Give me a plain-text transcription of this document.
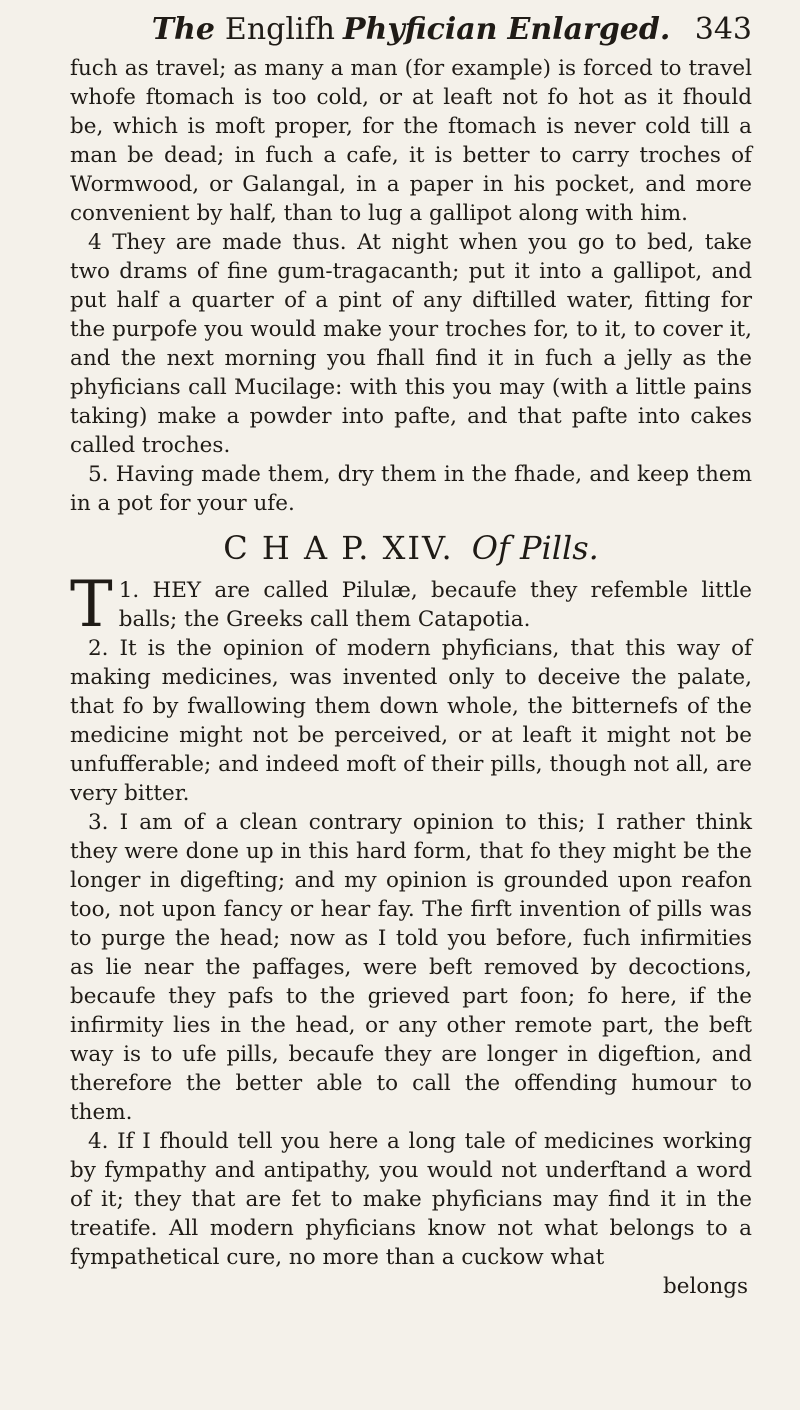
The Englifh Phyfician Enlarged. 343

fuch as travel; as many a man (for example) is forced to travel whofe ftomach is too cold, or at leaft not fo hot as it fhould be, which is moft proper, for the ftomach is never cold till a man be dead; in fuch a cafe, it is better to carry troches of Wormwood, or Galangal, in a paper in his pocket, and more convenient by half, than to lug a gallipot along with him.

4 They are made thus. At night when you go to bed, take two drams of fine gum-tragacanth; put it into a gallipot, and put half a quarter of a pint of any diftilled water, fitting for the purpofe you would make your troches for, to it, to cover it, and the next morning you fhall find it in fuch a jelly as the phyficians call Mucilage: with this you may (with a little pains taking) make a powder into pafte, and that pafte into cakes called troches.

5. Having made them, dry them in the fhade, and keep them in a pot for your ufe.

C H A P. XIV. Of Pills.

1.
T HEY are called Pilulæ, becaufe they refemble little balls; the Greeks call them Catapotia.

2. It is the opinion of modern phyficians, that this way of making medicines, was invented only to deceive the palate, that fo by fwallowing them down whole, the bitternefs of the medicine might not be perceived, or at leaft it might not be unfufferable; and indeed moft of their pills, though not all, are very bitter.

3. I am of a clean contrary opinion to this; I rather think they were done up in this hard form, that fo they might be the longer in digefting; and my opinion is grounded upon reafon too, not upon fancy or hear fay. The firft invention of pills was to purge the head; now as I told you before, fuch infirmities as lie near the paffages, were beft removed by decoctions, becaufe they pafs to the grieved part foon; fo here, if the infirmity lies in the head, or any other remote part, the beft way is to ufe pills, becaufe they are longer in digeftion, and therefore the better able to call the offending humour to them.

4. If I fhould tell you here a long tale of medicines working by fympathy and antipathy, you would not underftand a word of it; they that are fet to make phyficians may find it in the treatife. All modern phyficians know not what belongs to a fympathetical cure, no more than a cuckow what

belongs
